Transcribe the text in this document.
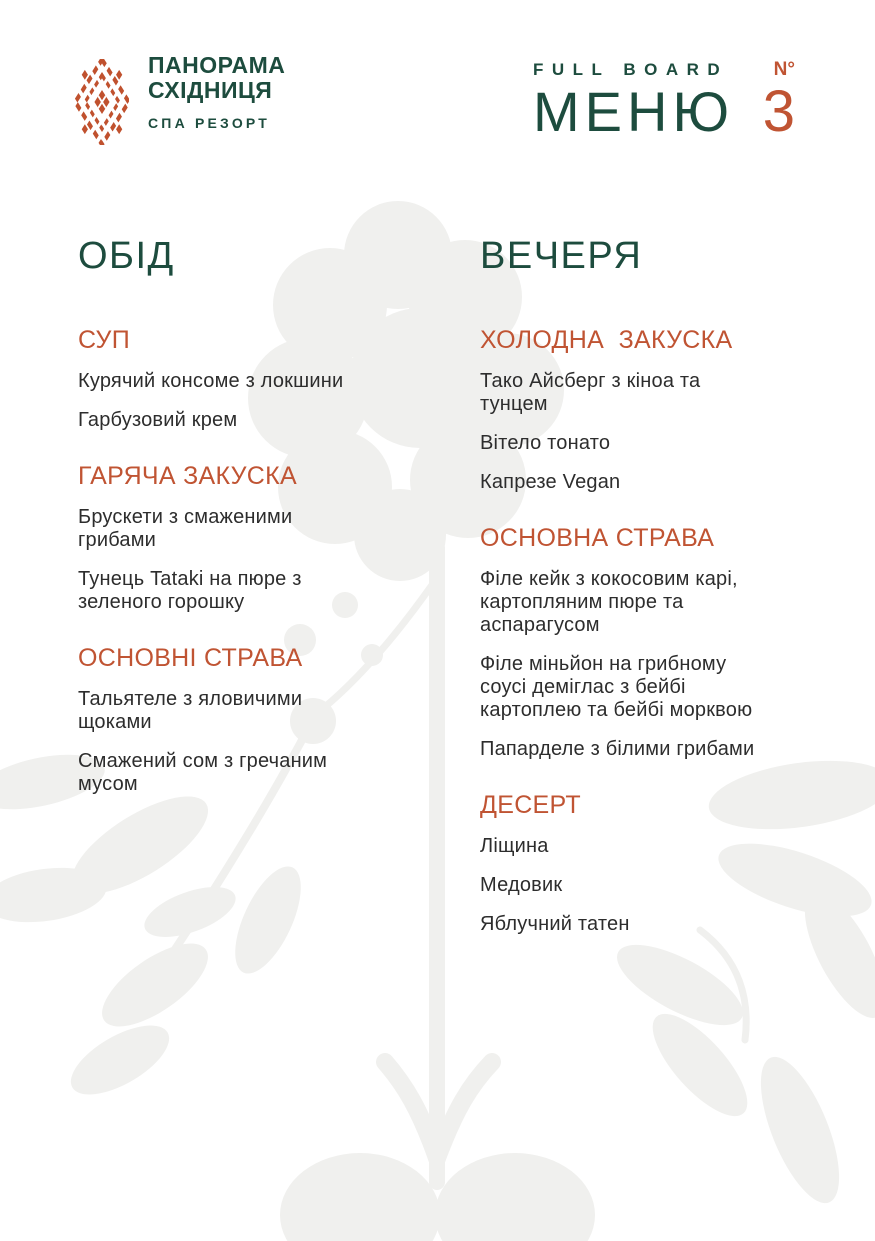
ПАНОРАМА
СХІДНИЦЯ
СПА РЕЗОРТ
FULL BOARD N°
МЕНЮ 3
ОБІД
СУП

Курячий консоме з локшини

Гарбузовий крем

ГАРЯЧА ЗАКУСКА

Брускети з смаженими грибами

Тунець Tataki на пюре з зеленого горошку

ОСНОВНІ СТРАВА

Тальятеле з яловичими щоками

Смажений сом з гречаним мусом

ВЕЧЕРЯ
ХОЛОДНА  ЗАКУСКА

Тако Айсберг з кіноа та тунцем

Вітело тонато

Капрезе Vegan

ОСНОВНА СТРАВА

Філе кейк з кокосовим карі, картопляним пюре та аспарагусом

Філе міньйон на грибному соусі деміглас з бейбі картоплею та бейбі морквою

Папарделе з білими грибами

ДЕСЕРТ

Ліщина

Медовик

Яблучний татен
